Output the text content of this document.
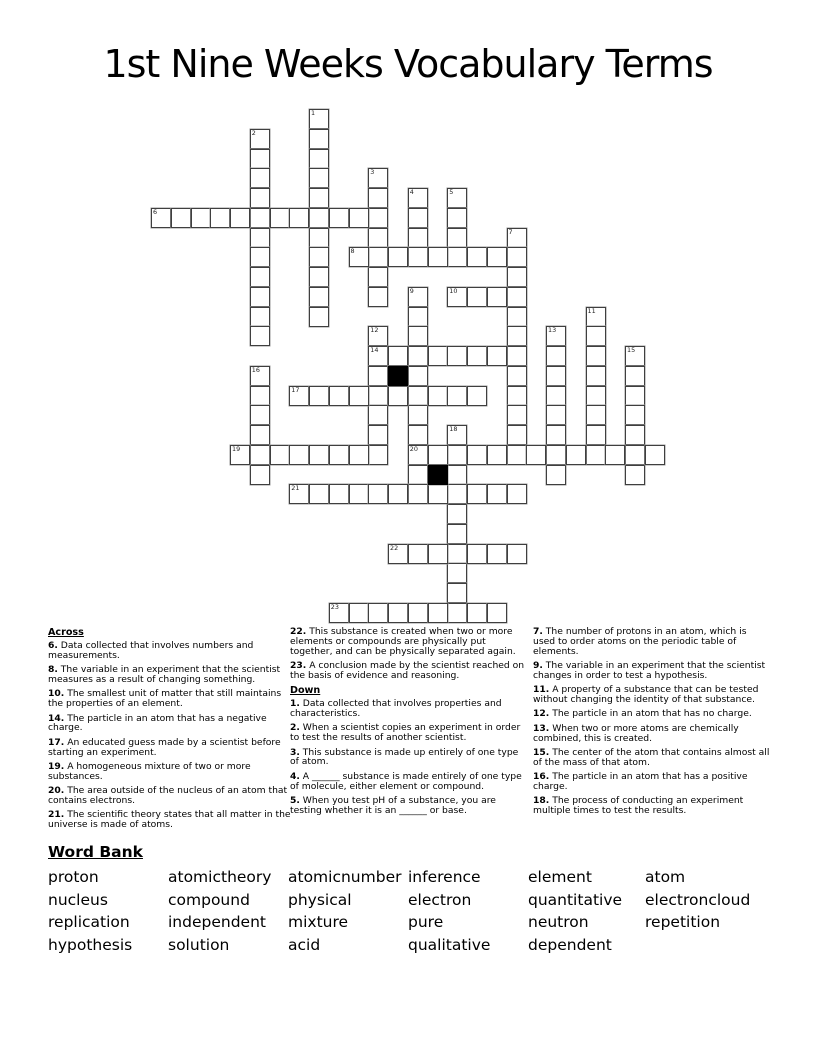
1st Nine Weeks Vocabulary Terms
1
2
3
4	5
6
7
8
9
20
10
11
12
14
13
15
16
17
18
19
21
22
23
Across

6. Data collected that involves numbers and measurements.

8. The variable in an experiment that the scientist measures as a result of changing something.

10. The smallest unit of matter that still maintains the properties of an element.

14. The particle in an atom that has a negative charge.

17. An educated guess made by a scientist before starting an experiment.

19. A homogeneous mixture of two or more substances.

20. The area outside of the nucleus of an atom that contains electrons.

21. The scientific theory states that all matter in the universe is made of atoms.

22. This substance is created when two or more elements or compounds are physically put together, and can be physically separated again.

23. A conclusion made by the scientist reached on the basis of evidence and reasoning.

Down

1. Data collected that involves properties and characteristics.

2. When a scientist copies an experiment in order to test the results of another scientist.

3. This substance is made up entirely of one type of atom.

4. A ______ substance is made entirely of one type of molecule, either element or compound.

5. When you test pH of a substance, you are testing whether it is an ______ or base.

7. The number of protons in an atom, which is used to order atoms on the periodic table of elements.

9. The variable in an experiment that the scientist changes in order to test a hypothesis.

11. A property of a substance that can be tested without changing the identity of that substance.

12. The particle in an atom that has no charge.

13. When two or more atoms are chemically combined, this is created.

15. The center of the atom that contains almost all of the mass of that atom.

16. The particle in an atom that has a positive charge.

18. The process of conducting an experiment multiple times to test the results.

Word Bank
proton	atomictheory	atomicnumber inference	element	atom
nucleus	compound	physical	electron	quantitative	electroncloud
replication	independent	mixture	pure	neutron	repetition
hypothesis	solution	acid	qualitative	dependent
